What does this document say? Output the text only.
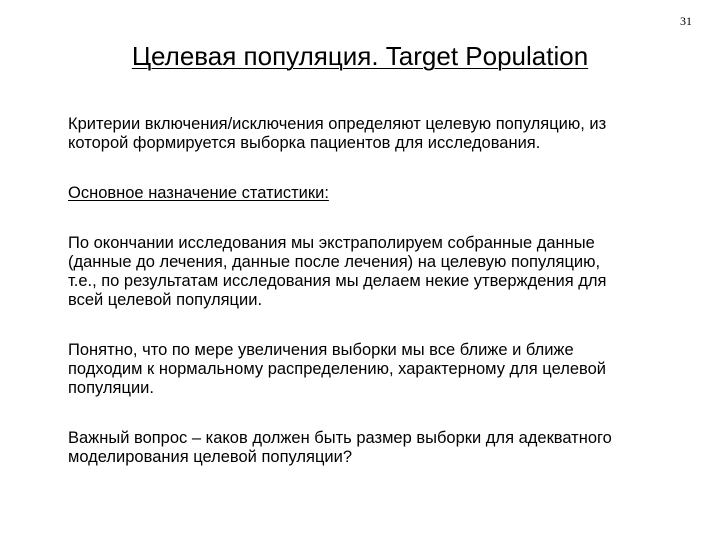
31
Целевая популяция. Target Population

Критерии включения/исключения определяют целевую популяцию, из
которой формируется выборка пациентов для исследования.

Основное назначение статистики:

По окончании исследования мы экстраполируем собранные данные
(данные до лечения, данные после лечения) на целевую популяцию,
т.е., по результатам исследования мы делаем некие утверждения для
всей целевой популяции.

Понятно, что по мере увеличения выборки мы все ближе и ближе
подходим к нормальному распределению, характерному для целевой
популяции.

Важный вопрос – каков должен быть размер выборки для адекватного
моделирования целевой популяции?
